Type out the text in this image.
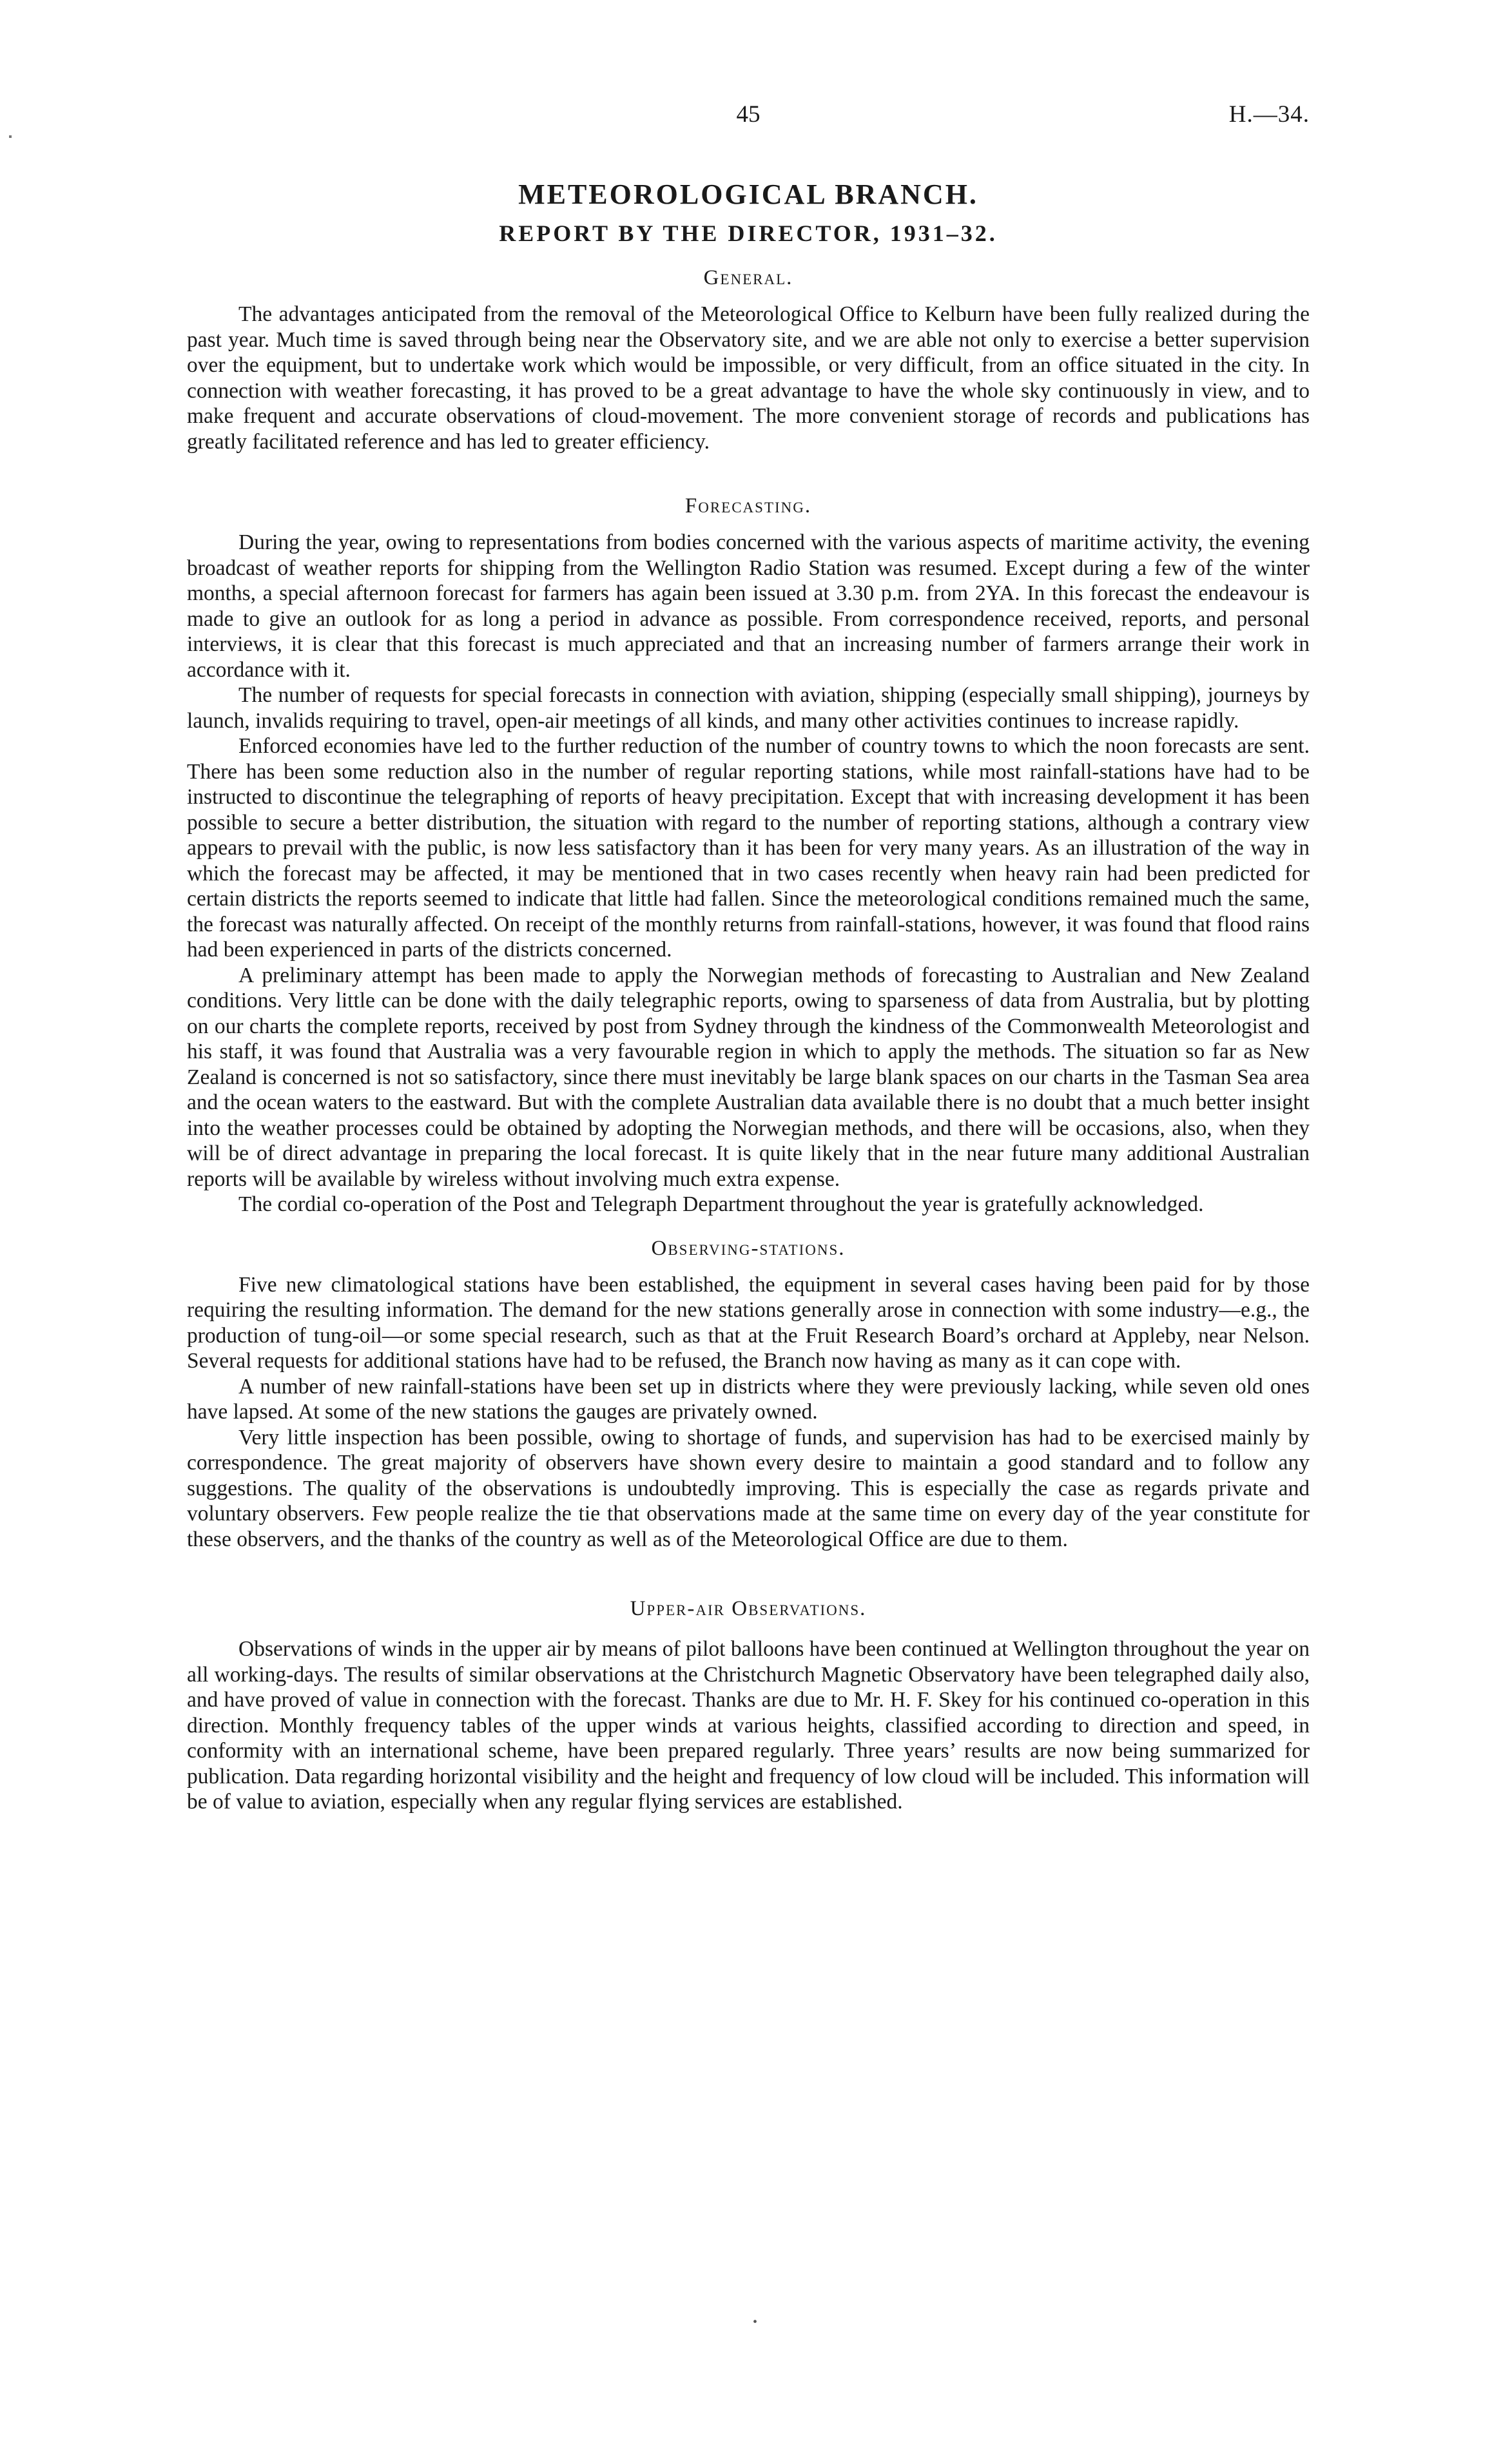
45	H.—34.
METEOROLOGICAL BRANCH.
REPORT BY THE DIRECTOR, 1931–32.
General.

The advantages anticipated from the removal of the Meteorological Office to Kelburn have been fully realized during the past year. Much time is saved through being near the Observatory site, and we are able not only to exercise a better supervision over the equipment, but to undertake work which would be impossible, or very difficult, from an office situated in the city. In connection with weather forecasting, it has proved to be a great advantage to have the whole sky continuously in view, and to make frequent and accurate observations of cloud-movement. The more convenient storage of records and publications has greatly facilitated reference and has led to greater efficiency.

Forecasting.

During the year, owing to representations from bodies concerned with the various aspects of maritime activity, the evening broadcast of weather reports for shipping from the Wellington Radio Station was resumed. Except during a few of the winter months, a special afternoon forecast for farmers has again been issued at 3.30 p.m. from 2YA. In this forecast the endeavour is made to give an outlook for as long a period in advance as possible. From correspondence received, reports, and personal interviews, it is clear that this forecast is much appreciated and that an increasing number of farmers arrange their work in accordance with it.

The number of requests for special forecasts in connection with aviation, shipping (especially small shipping), journeys by launch, invalids requiring to travel, open-air meetings of all kinds, and many other activities continues to increase rapidly.

Enforced economies have led to the further reduction of the number of country towns to which the noon forecasts are sent. There has been some reduction also in the number of regular reporting stations, while most rainfall-stations have had to be instructed to discontinue the telegraphing of reports of heavy precipitation. Except that with increasing development it has been possible to secure a better distribution, the situation with regard to the number of reporting stations, although a contrary view appears to prevail with the public, is now less satisfactory than it has been for very many years. As an illustration of the way in which the forecast may be affected, it may be mentioned that in two cases recently when heavy rain had been predicted for certain districts the reports seemed to indicate that little had fallen. Since the meteorological conditions remained much the same, the forecast was naturally affected. On receipt of the monthly returns from rainfall-stations, however, it was found that flood rains had been experienced in parts of the districts concerned.

A preliminary attempt has been made to apply the Norwegian methods of forecasting to Australian and New Zealand conditions. Very little can be done with the daily telegraphic reports, owing to sparseness of data from Australia, but by plotting on our charts the complete reports, received by post from Sydney through the kindness of the Commonwealth Meteorologist and his staff, it was found that Australia was a very favourable region in which to apply the methods. The situation so far as New Zealand is concerned is not so satisfactory, since there must inevitably be large blank spaces on our charts in the Tasman Sea area and the ocean waters to the eastward. But with the complete Australian data available there is no doubt that a much better insight into the weather processes could be obtained by adopting the Norwegian methods, and there will be occasions, also, when they will be of direct advantage in preparing the local forecast. It is quite likely that in the near future many additional Australian reports will be available by wireless without involving much extra expense.

The cordial co-operation of the Post and Telegraph Department throughout the year is gratefully acknowledged.

Observing-stations.

Five new climatological stations have been established, the equipment in several cases having been paid for by those requiring the resulting information. The demand for the new stations generally arose in connection with some industry—e.g., the production of tung-oil—or some special research, such as that at the Fruit Research Board’s orchard at Appleby, near Nelson. Several requests for additional stations have had to be refused, the Branch now having as many as it can cope with.

A number of new rainfall-stations have been set up in districts where they were previously lacking, while seven old ones have lapsed. At some of the new stations the gauges are privately owned.

Very little inspection has been possible, owing to shortage of funds, and supervision has had to be exercised mainly by correspondence. The great majority of observers have shown every desire to maintain a good standard and to follow any suggestions. The quality of the observations is undoubtedly improving. This is especially the case as regards private and voluntary observers. Few people realize the tie that observations made at the same time on every day of the year constitute for these observers, and the thanks of the country as well as of the Meteorological Office are due to them.

Upper-air Observations.

Observations of winds in the upper air by means of pilot balloons have been continued at Wellington throughout the year on all working-days. The results of similar observations at the Christchurch Magnetic Observatory have been telegraphed daily also, and have proved of value in connection with the forecast. Thanks are due to Mr. H. F. Skey for his continued co-operation in this direction. Monthly frequency tables of the upper winds at various heights, classified according to direction and speed, in conformity with an international scheme, have been prepared regularly. Three years’ results are now being summarized for publication. Data regarding horizontal visibility and the height and frequency of low cloud will be included. This information will be of value to aviation, especially when any regular flying services are established.

•
